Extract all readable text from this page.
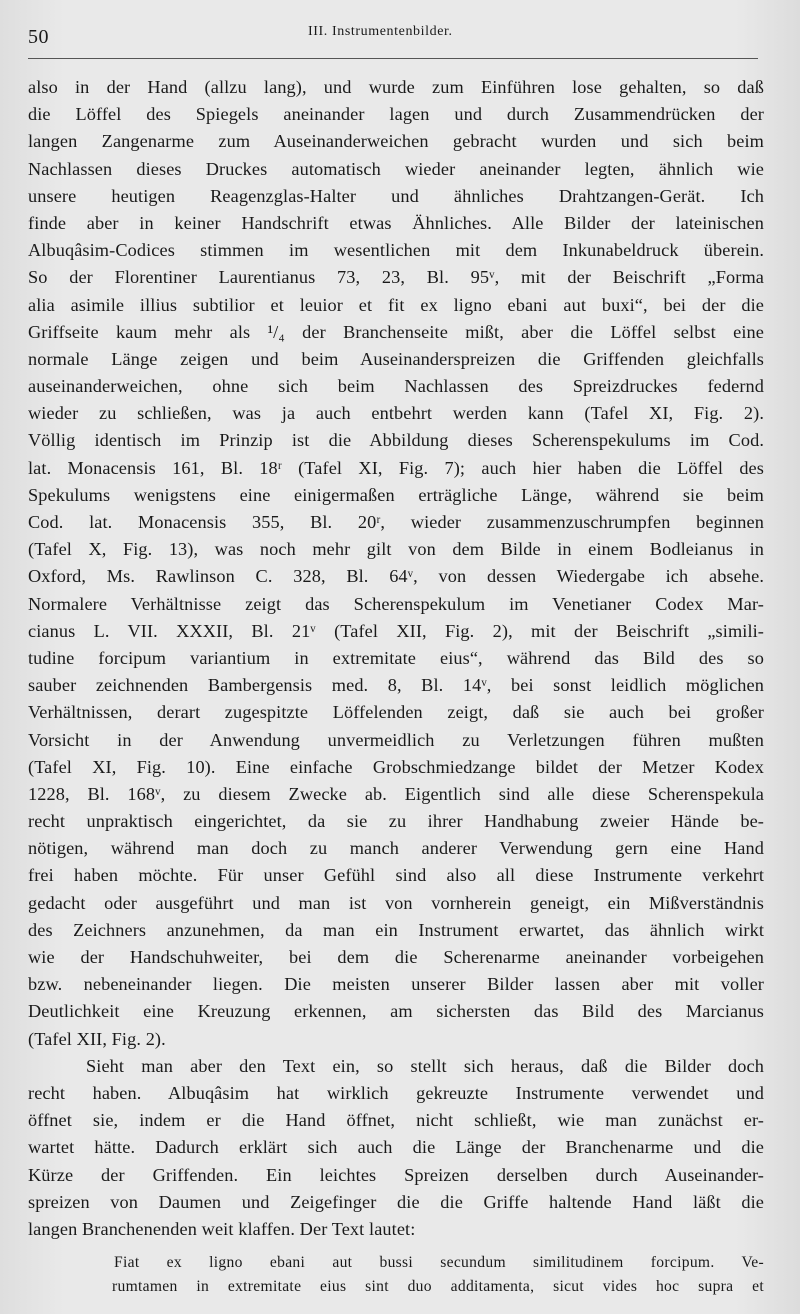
50	III. Instrumentenbilder.
also in der Hand (allzu lang), und wurde zum Einführen lose gehalten, so daß
die Löffel des Spiegels aneinander lagen und durch Zusammendrücken der
langen Zangenarme zum Auseinanderweichen gebracht wurden und sich beim
Nachlassen dieses Druckes automatisch wieder aneinander legten, ähnlich wie
unsere heutigen Reagenzglas-Halter und ähnliches Drahtzangen-Gerät. Ich
finde aber in keiner Handschrift etwas Ähnliches. Alle Bilder der lateinischen
Albuqâsim-Codices stimmen im wesentlichen mit dem Inkunabeldruck überein.
So der Florentiner Laurentianus 73, 23, Bl. 95ᵛ, mit der Beischrift „Forma
alia asimile illius subtilior et leuior et fit ex ligno ebani aut buxi“, bei der die
Griffseite kaum mehr als ¹/₄ der Branchenseite mißt, aber die Löffel selbst eine
normale Länge zeigen und beim Auseinanderspreizen die Griffenden gleichfalls
auseinanderweichen, ohne sich beim Nachlassen des Spreizdruckes federnd
wieder zu schließen, was ja auch entbehrt werden kann (Tafel XI, Fig. 2).
Völlig identisch im Prinzip ist die Abbildung dieses Scherenspekulums im Cod.
lat. Monacensis 161, Bl. 18ʳ (Tafel XI, Fig. 7); auch hier haben die Löffel des
Spekulums wenigstens eine einigermaßen erträgliche Länge, während sie beim
Cod. lat. Monacensis 355, Bl. 20ʳ, wieder zusammenzuschrumpfen beginnen
(Tafel X, Fig. 13), was noch mehr gilt von dem Bilde in einem Bodleianus in
Oxford, Ms. Rawlinson C. 328, Bl. 64ᵛ, von dessen Wiedergabe ich absehe.
Normalere Verhältnisse zeigt das Scherenspekulum im Venetianer Codex Mar-
cianus L. VII. XXXII, Bl. 21ᵛ (Tafel XII, Fig. 2), mit der Beischrift „simili-
tudine forcipum variantium in extremitate eius“, während das Bild des so
sauber zeichnenden Bambergensis med. 8, Bl. 14ᵛ, bei sonst leidlich möglichen
Verhältnissen, derart zugespitzte Löffelenden zeigt, daß sie auch bei großer
Vorsicht in der Anwendung unvermeidlich zu Verletzungen führen mußten
(Tafel XI, Fig. 10). Eine einfache Grobschmiedzange bildet der Metzer Kodex
1228, Bl. 168ᵛ, zu diesem Zwecke ab. Eigentlich sind alle diese Scherenspekula
recht unpraktisch eingerichtet, da sie zu ihrer Handhabung zweier Hände be-
nötigen, während man doch zu manch anderer Verwendung gern eine Hand
frei haben möchte. Für unser Gefühl sind also all diese Instrumente verkehrt
gedacht oder ausgeführt und man ist von vornherein geneigt, ein Mißverständnis
des Zeichners anzunehmen, da man ein Instrument erwartet, das ähnlich wirkt
wie der Handschuhweiter, bei dem die Scherenarme aneinander vorbeigehen
bzw. nebeneinander liegen. Die meisten unserer Bilder lassen aber mit voller
Deutlichkeit eine Kreuzung erkennen, am sichersten das Bild des Marcianus
(Tafel XII, Fig. 2).
Sieht man aber den Text ein, so stellt sich heraus, daß die Bilder doch
recht haben. Albuqâsim hat wirklich gekreuzte Instrumente verwendet und
öffnet sie, indem er die Hand öffnet, nicht schließt, wie man zunächst er-
wartet hätte. Dadurch erklärt sich auch die Länge der Branchenarme und die
Kürze der Griffenden. Ein leichtes Spreizen derselben durch Auseinander-
spreizen von Daumen und Zeigefinger die die Griffe haltende Hand läßt die
langen Branchenenden weit klaffen. Der Text lautet:
Fiat ex ligno ebani aut bussi secundum similitudinem forcipum. Ve-
rumtamen in extremitate eius sint duo additamenta, sicut vides hoc supra et
